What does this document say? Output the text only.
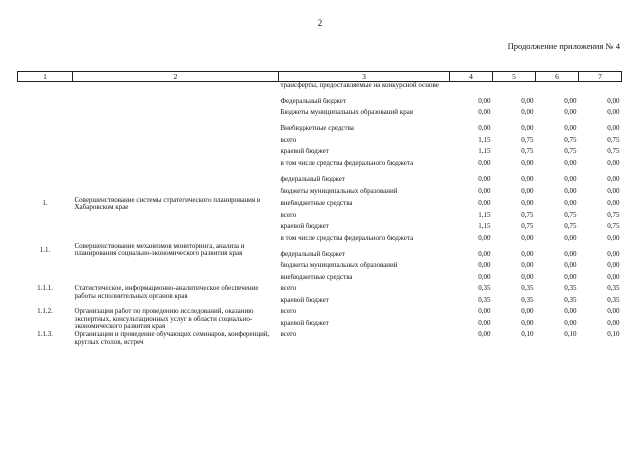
2
Продолжение приложения № 4
1	2	3	4	5	6	7
		трансферты, предоставляемые на конкурсной основе				
		Федеральный бюджет	0,00	0,00	0,00	0,00
		Бюджеты муниципальных образований края	0,00	0,00	0,00	0,00
		Внебюджетные средства	0,00	0,00	0,00	0,00
1.	Совершенствование системы стратегического планирования в Хабаровском крае	всего	1,15	0,75	0,75	0,75
		краевой бюджет	1,15	0,75	0,75	0,75
		в том числе средства федерального бюджета	0,00	0,00	0,00	0,00
		федеральный бюджет	0,00	0,00	0,00	0,00
		бюджеты муниципальных образований	0,00	0,00	0,00	0,00
		внебюджетные средства	0,00	0,00	0,00	0,00
1.1.	Совершенствование механизмов мониторинга, анализа и планирования социально-экономического развития края	всего	1,15	0,75	0,75	0,75
		краевой бюджет	1,15	0,75	0,75	0,75
		в том числе средства федерального бюджета	0,00	0,00	0,00	0,00
		федеральный бюджет	0,00	0,00	0,00	0,00
		бюджеты муниципальных образований	0,00	0,00	0,00	0,00
		внебюджетные средства	0,00	0,00	0,00	0,00
1.1.1.	Статистическое, информационно-аналитическое обеспечение работы исполнительных органов края	всего	0,35	0,35	0,35	0,35
		краевой бюджет	0,35	0,35	0,35	0,35
1.1.2.	Организация работ по проведению исследований, оказанию экспертных, консультационных услуг в области социально-экономического развития края	всего	0,00	0,00	0,00	0,00
		краевой бюджет	0,00	0,00	0,00	0,00
1.1.3.	Организация и проведение обучающих семинаров, конференций, круглых столов, встреч	всего	0,00	0,10	0,10	0,10
